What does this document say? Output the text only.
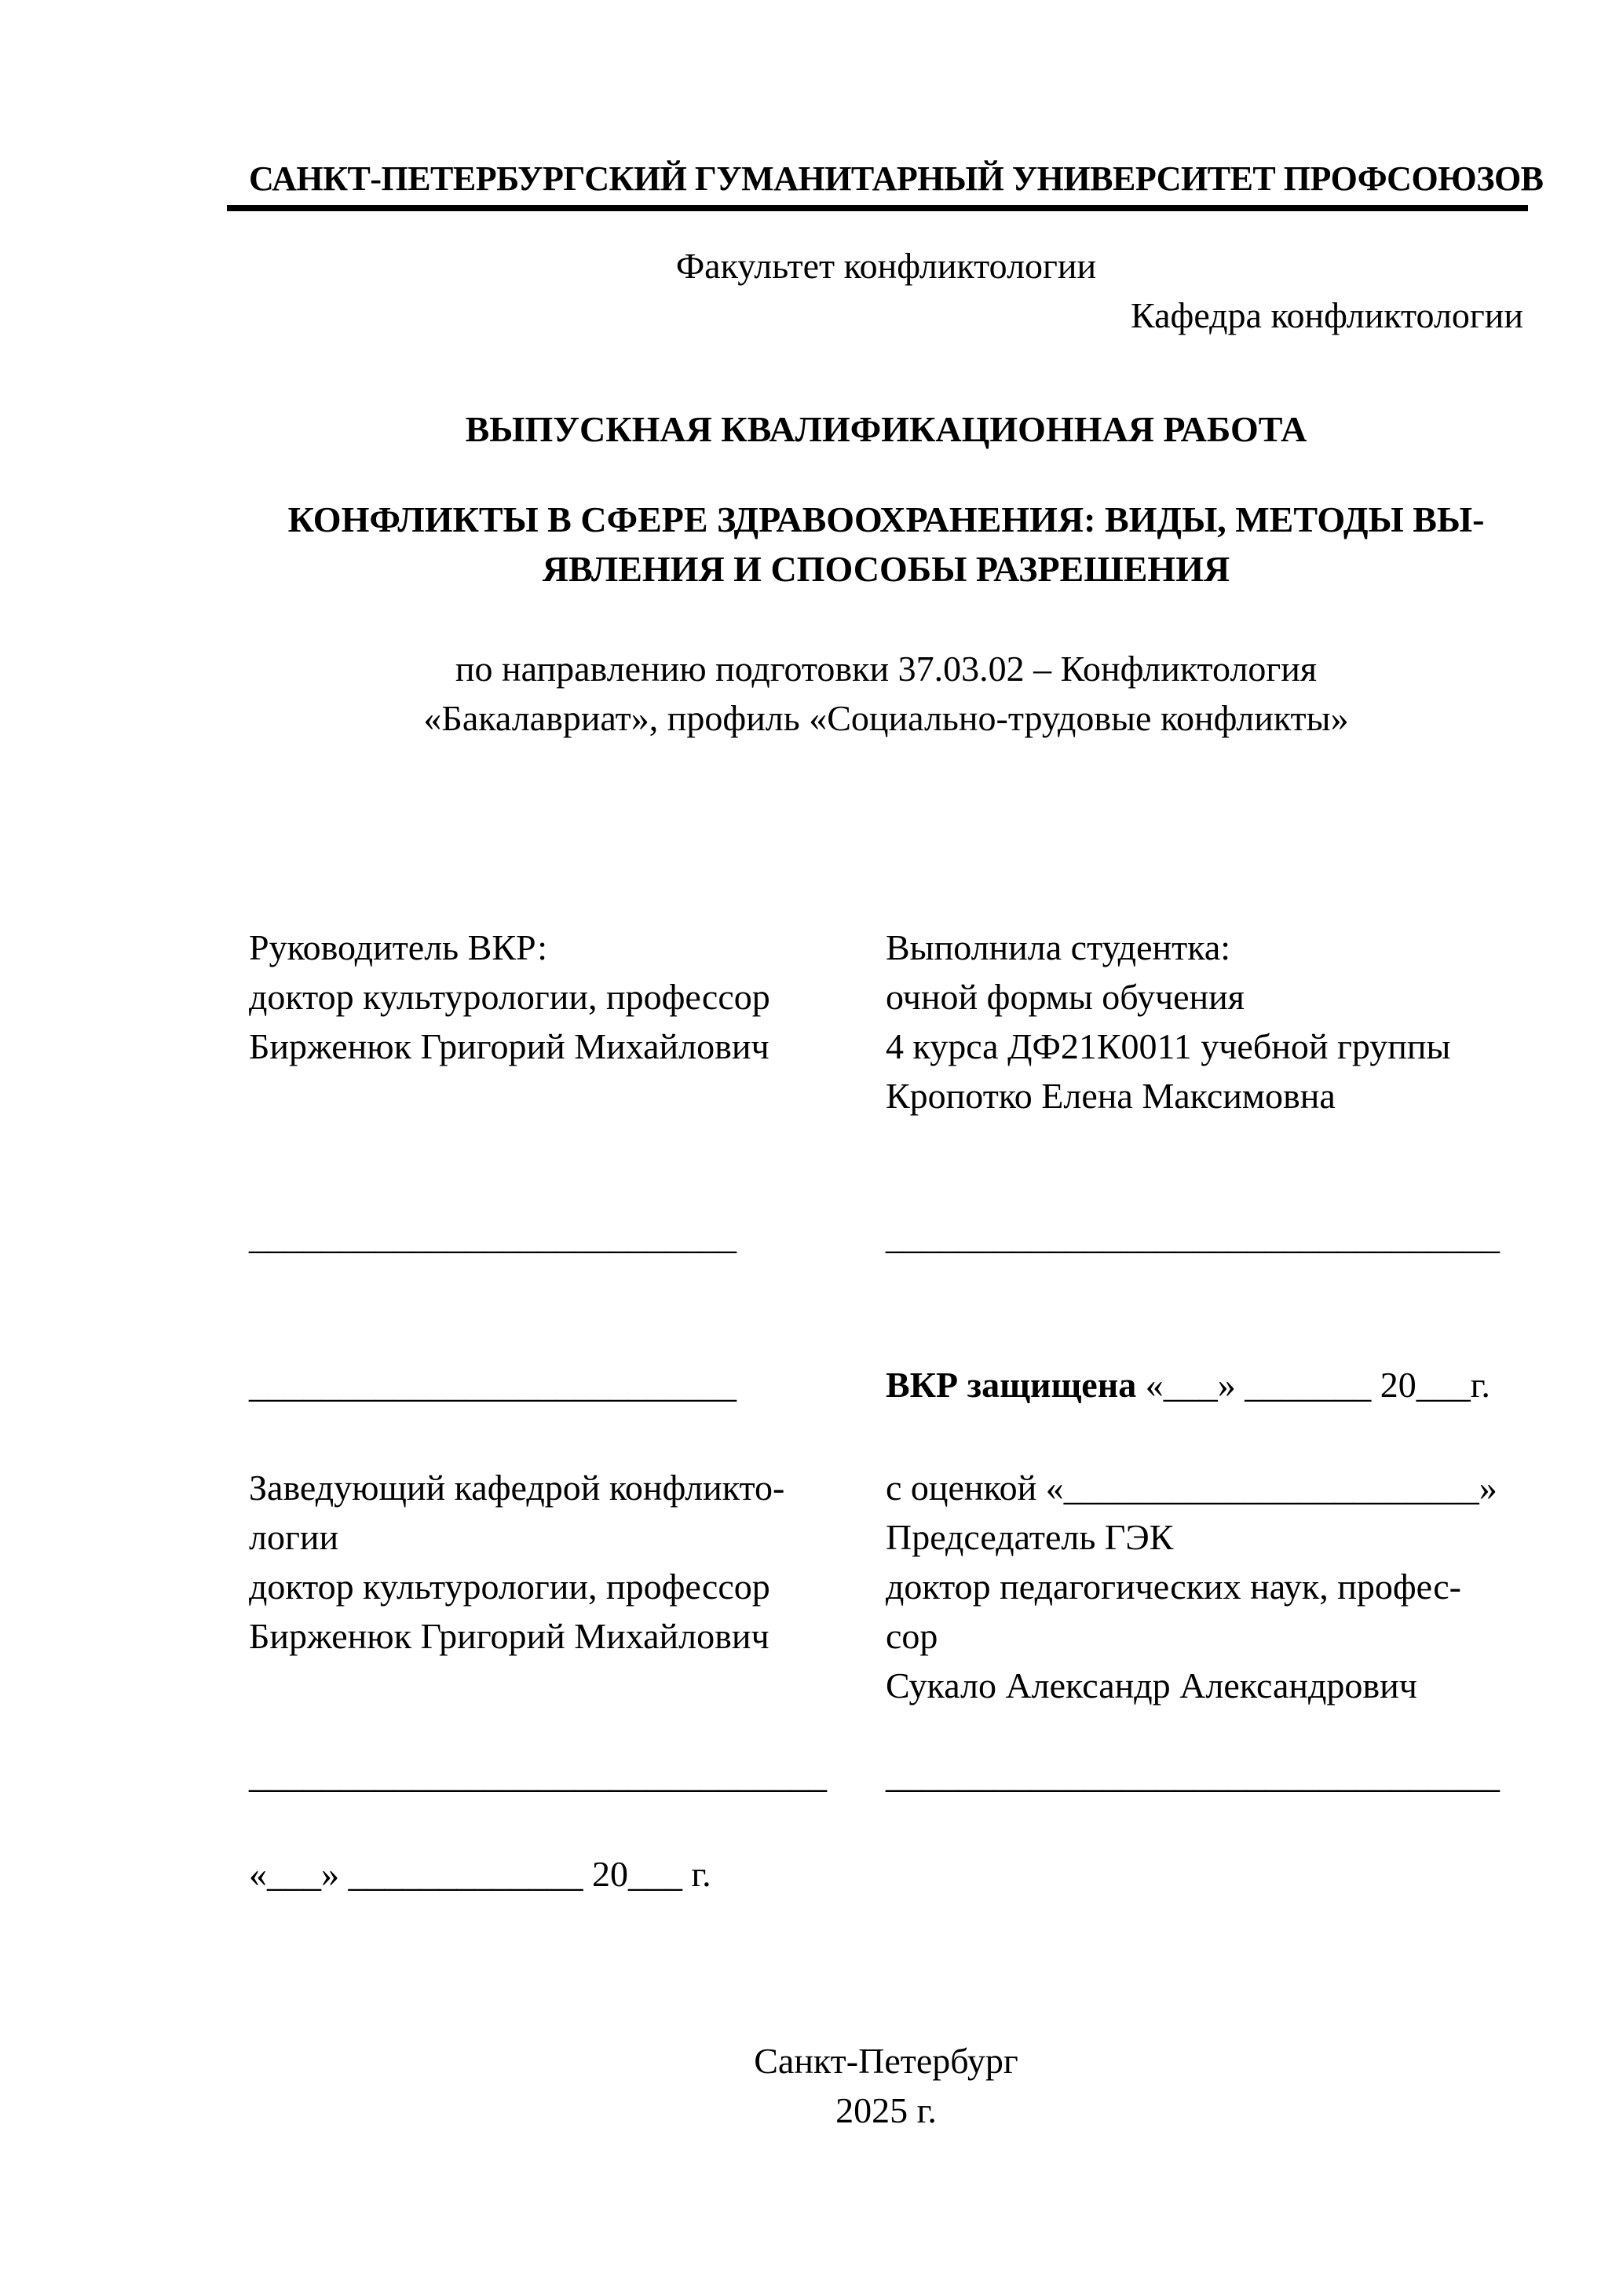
САНКТ-ПЕТЕРБУРГСКИЙ ГУМАНИТАРНЫЙ УНИВЕРСИТЕТ ПРОФСОЮЗОВ
Факультет конфликтологии
Кафедра конфликтологии
ВЫПУСКНАЯ КВАЛИФИКАЦИОННАЯ РАБОТА
КОНФЛИКТЫ В СФЕРЕ ЗДРАВООХРАНЕНИЯ: ВИДЫ, МЕТОДЫ ВЫ-
ЯВЛЕНИЯ И СПОСОБЫ РАЗРЕШЕНИЯ
по направлению подготовки 37.03.02 – Конфликтология
«Бакалавриат», профиль «Социально-трудовые конфликты»
Руководитель ВКР:	Выполнила студентка:
доктор культурологии, профессор	очной формы обучения
Бирженюк Григорий Михайлович	4 курса ДФ21К0011 учебной группы
Кропотко Елена Максимовна
___________________________	__________________________________
___________________________	ВКР защищена «___» _______ 20___г.
Заведующий кафедрой конфликто-	с оценкой «_______________________»
логии	Председатель ГЭК
доктор культурологии, профессор	доктор педагогических наук, профес-
Бирженюк Григорий Михайлович	сор
Сукало Александр Александрович
________________________________	__________________________________
«___» _____________ 20___ г.
Санкт-Петербург
2025 г.
